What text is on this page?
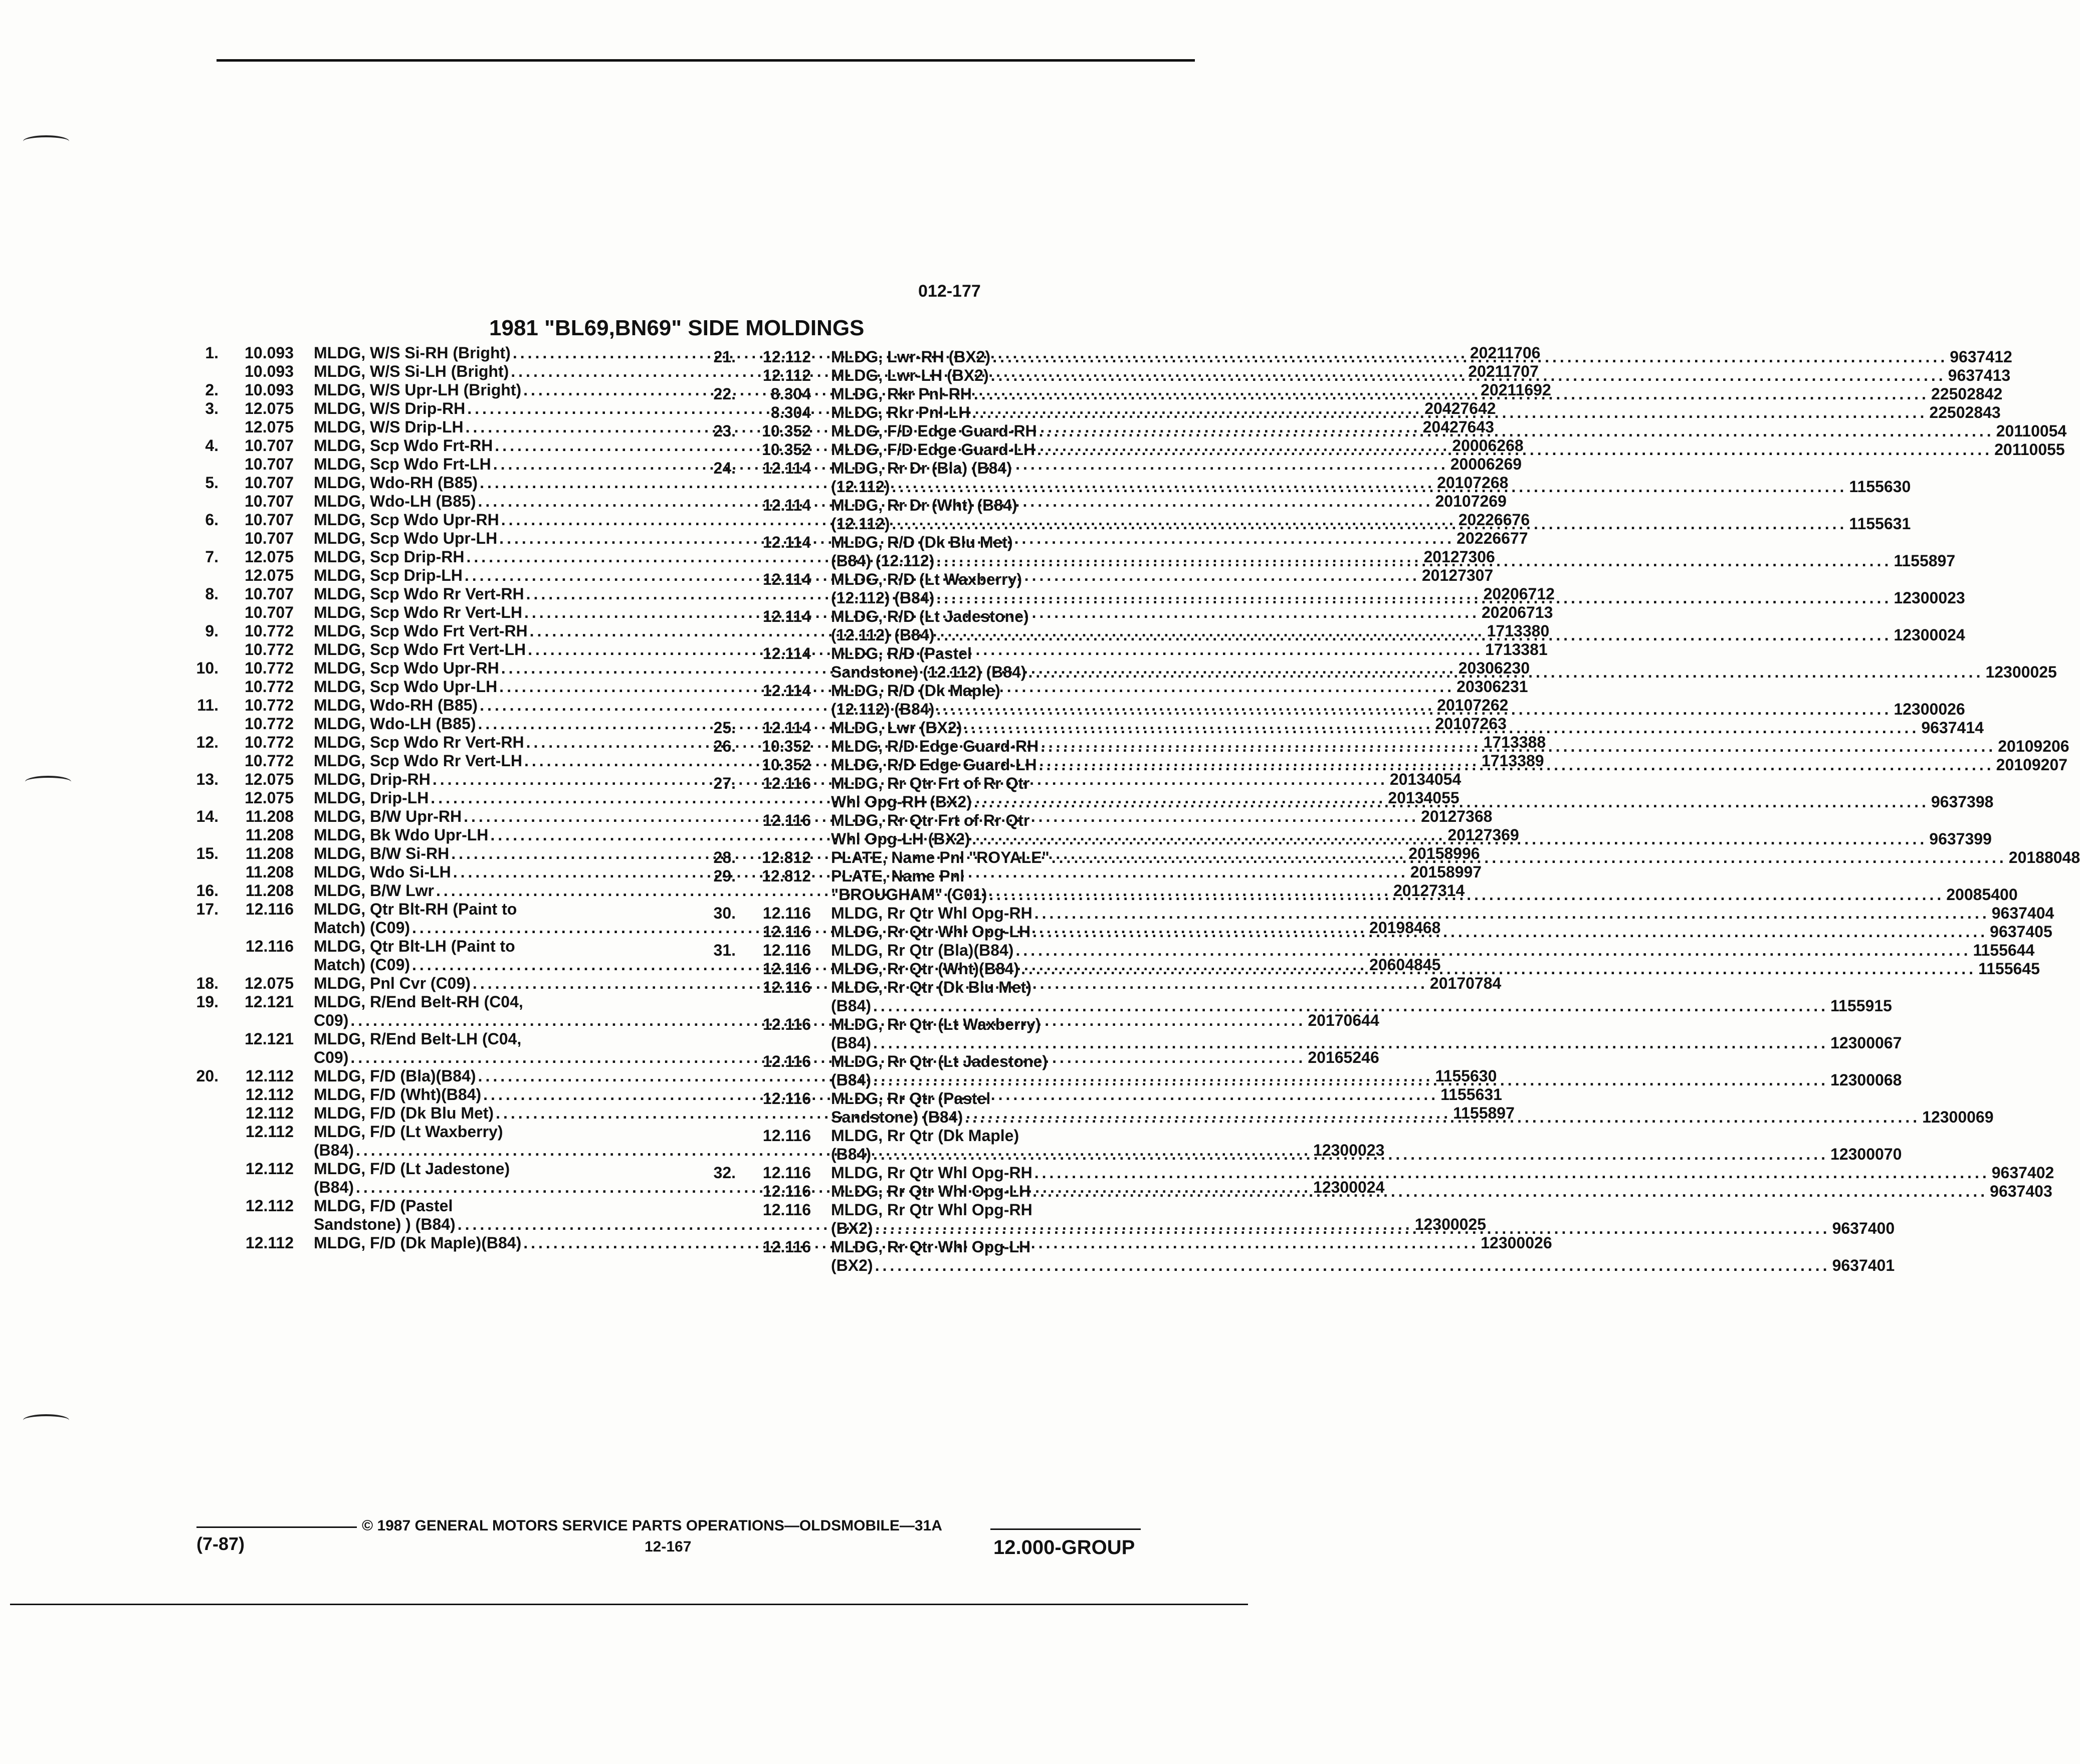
012-177
1981 "BL69,BN69" SIDE MOLDINGS
1.	10.093 MLDG, W/S Si-RH (Bright) .....	20211706
10.093 MLDG, W/S Si-LH (Bright) .....	20211707
2.	10.093 MLDG, W/S Upr-LH (Bright) .....	20211692
3.	12.075 MLDG, W/S Drip-RH .....	20427642
12.075 MLDG, W/S Drip-LH .....	20427643
4.	10.707 MLDG, Scp Wdo Frt-RH .....	20006268
10.707 MLDG, Scp Wdo Frt-LH .....	20006269
5.	10.707 MLDG, Wdo-RH (B85) .....	20107268
10.707 MLDG, Wdo-LH (B85) .....	20107269
6.	10.707 MLDG, Scp Wdo Upr-RH .....	20226676
10.707 MLDG, Scp Wdo Upr-LH .....	20226677
7.	12.075 MLDG, Scp Drip-RH .....	20127306
12.075 MLDG, Scp Drip-LH .....	20127307
8.	10.707 MLDG, Scp Wdo Rr Vert-RH .....	20206712
10.707 MLDG, Scp Wdo Rr Vert-LH .....	20206713
9.	10.772 MLDG, Scp Wdo Frt Vert-RH .....	1713380
10.772 MLDG, Scp Wdo Frt Vert-LH .....	1713381
10.	10.772 MLDG, Scp Wdo Upr-RH .....	20306230
10.772 MLDG, Scp Wdo Upr-LH .....	20306231
11.	10.772 MLDG, Wdo-RH (B85) .....	20107262
10.772 MLDG, Wdo-LH (B85) .....	20107263
12.	10.772 MLDG, Scp Wdo Rr Vert-RH .....	1713388
10.772 MLDG, Scp Wdo Rr Vert-LH .....	1713389
13.	12.075 MLDG, Drip-RH .....	20134054
12.075 MLDG, Drip-LH .....	20134055
14.	11.208 MLDG, B/W Upr-RH .....	20127368
11.208 MLDG, Bk Wdo Upr-LH .....	20127369
15.	11.208 MLDG, B/W Si-RH .....	20158996
11.208 MLDG, Wdo Si-LH .....	20158997
16.	11.208 MLDG, B/W Lwr .....	20127314
17.	12.116 MLDG, Qtr Blt-RH (Paint to
Match) (C09) .....	20198468
12.116 MLDG, Qtr Blt-LH (Paint to
Match) (C09) .....	20604845
18.	12.075 MLDG, Pnl Cvr (C09) .....	20170784
19.	12.121 MLDG, R/End Belt-RH (C04,
C09) .....	20170644
12.121 MLDG, R/End Belt-LH (C04,
C09) .....	20165246
20.	12.112 MLDG, F/D (Bla)(B84) .....	1155630
12.112 MLDG, F/D (Wht)(B84) .....	1155631
12.112 MLDG, F/D (Dk Blu Met) .....	1155897
12.112 MLDG, F/D (Lt Waxberry)
(B84) .....	12300023
12.112 MLDG, F/D (Lt Jadestone)
(B84) .....	12300024
12.112 MLDG, F/D (Pastel
Sandstone) ) (B84) .....	12300025
12.112 MLDG, F/D (Dk Maple)(B84) .....	12300026
21.	12.112 MLDG, Lwr-RH (BX2) .....	9637412
12.112 MLDG, Lwr-LH (BX2) .....	9637413
22.	8.304 MLDG, Rkr Pnl-RH .....	22502842
8.304 MLDG, Rkr Pnl-LH .....	22502843
23.	10.352 MLDG, F/D Edge Guard-RH .....	20110054
10.352 MLDG, F/D Edge Guard-LH .....	20110055
24.	12.114 MLDG, Rr Dr (Bla) (B84)
(12.112) .....	1155630
12.114 MLDG, Rr Dr (Wht) (B84)
(12.112) .....	1155631
12.114 MLDG, R/D (Dk Blu Met)
(B84) (12.112) .....	1155897
12.114 MLDG, R/D (Lt Waxberry)
(12.112) (B84) .....	12300023
12.114 MLDG, R/D (Lt Jadestone)
(12.112) (B84) .....	12300024
12.114 MLDG, R/D (Pastel
Sandstone) (12.112) (B84) .....	12300025
12.114 MLDG, R/D (Dk Maple)
(12.112) (B84) .....	12300026
25.	12.114 MLDG, Lwr (BX2) .....	9637414
26.	10.352 MLDG, R/D Edge Guard-RH .....	20109206
10.352 MLDG, R/D Edge Guard-LH .....	20109207
27.	12.116 MLDG, Rr Qtr Frt of Rr Qtr
Whl Opg-RH (BX2) .....	9637398
12.116 MLDG, Rr Qtr Frt of Rr Qtr
Whl Opg-LH (BX2) .....	9637399
28.	12.812 PLATE, Name Pnl "ROYALE" .....	20188048
29.	12.812 PLATE, Name Pnl
"BROUGHAM" (C01) .....	20085400
30.	12.116 MLDG, Rr Qtr Whl Opg-RH .....	9637404
12.116 MLDG, Rr Qtr Whl Opg-LH .....	9637405
31.	12.116 MLDG, Rr Qtr (Bla)(B84) .....	1155644
12.116 MLDG, Rr Qtr (Wht)(B84) .....	1155645
12.116 MLDG, Rr Qtr (Dk Blu Met)
(B84) .....	1155915
12.116 MLDG, Rr Qtr (Lt Waxberry)
(B84) .....	12300067
12.116 MLDG, Rr Qtr (Lt Jadestone)
(B84) .....	12300068
12.116 MLDG, Rr Qtr (Pastel
Sandstone) (B84) .....	12300069
12.116 MLDG, Rr Qtr (Dk Maple)
(B84) .....	12300070
32.	12.116 MLDG, Rr Qtr Whl Opg-RH .....	9637402
12.116 MLDG, Rr Qtr Whl Opg-LH .....	9637403
12.116 MLDG, Rr Qtr Whl Opg-RH
(BX2) .....	9637400
12.116 MLDG, Rr Qtr Whl Opg-LH
(BX2) .....	9637401
© 1987 GENERAL MOTORS SERVICE PARTS OPERATIONS—OLDSMOBILE—31A
(7-87)	12-167	12.000-GROUP
